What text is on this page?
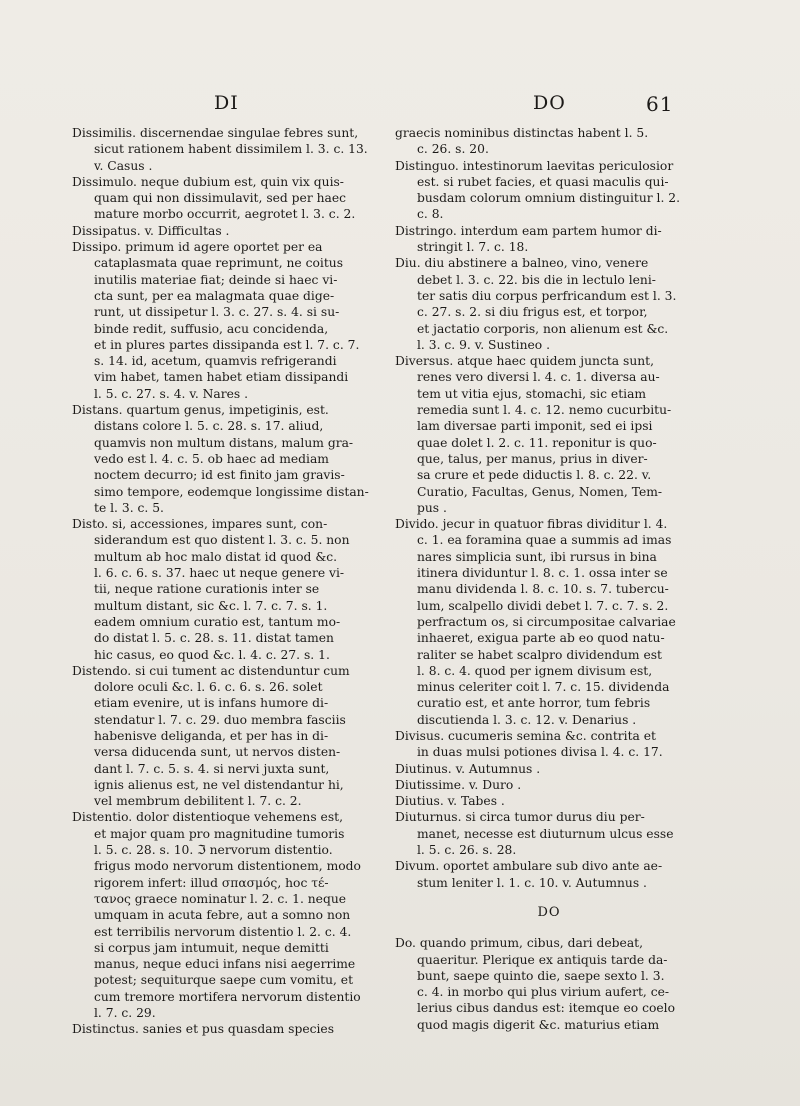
DI	DO	61

Dissimilis. discernendae singulae febres sunt,
sicut rationem habent dissimilem l. 3. c. 13.
v. Casus .

Dissimulo. neque dubium est, quin vix quis-
quam qui non dissimulavit, sed per haec
mature morbo occurrit, aegrotet l. 3. c. 2.

Dissipatus. v. Difficultas .

Dissipo. primum id agere oportet per ea
cataplasmata quae reprimunt, ne coitus
inutilis materiae fiat; deinde si haec vi-
cta sunt, per ea malagmata quae dige-
runt, ut dissipetur l. 3. c. 27. s. 4. si su-
binde redit, suffusio, acu concidenda,
et in plures partes dissipanda est l. 7. c. 7.
s. 14. id, acetum, quamvis refrigerandi
vim habet, tamen habet etiam dissipandi
l. 5. c. 27. s. 4. v. Nares .

Distans. quartum genus, impetiginis, est.
distans colore l. 5. c. 28. s. 17. aliud,
quamvis non multum distans, malum gra-
vedo est l. 4. c. 5. ob haec ad mediam
noctem decurro; id est finito jam gravis-
simo tempore, eodemque longissime distan-
te l. 3. c. 5.

Disto. si, accessiones, impares sunt, con-
siderandum est quo distent l. 3. c. 5. non
multum ab hoc malo distat id quod &c.
l. 6. c. 6. s. 37. haec ut neque genere vi-
tii, neque ratione curationis inter se
multum distant, sic &c. l. 7. c. 7. s. 1.
eadem omnium curatio est, tantum mo-
do distat l. 5. c. 28. s. 11. distat tamen
hic casus, eo quod &c. l. 4. c. 27. s. 1.

Distendo. si cui tument ac distenduntur cum
dolore oculi &c. l. 6. c. 6. s. 26. solet
etiam evenire, ut is infans humore di-
stendatur l. 7. c. 29. duo membra fasciis
habenisve deliganda, et per has in di-
versa diducenda sunt, ut nervos disten-
dant l. 7. c. 5. s. 4. si nervi juxta sunt,
ignis alienus est, ne vel distendantur hi,
vel membrum debilitent l. 7. c. 2.

Distentio. dolor distentioque vehemens est,
et major quam pro magnitudine tumoris
l. 5. c. 28. s. 10. ℑ nervorum distentio.
frigus modo nervorum distentionem, modo
rigorem infert: illud σπασμός, hoc τέ-
τανος graece nominatur l. 2. c. 1. neque
umquam in acuta febre, aut a somno non
est terribilis nervorum distentio l. 2. c. 4.
si corpus jam intumuit, neque demitti
manus, neque educi infans nisi aegerrime
potest; sequiturque saepe cum vomitu, et
cum tremore mortifera nervorum distentio
l. 7. c. 29.

Distinctus. sanies et pus quasdam species

graecis nominibus distinctas habent l. 5.
c. 26. s. 20.

Distinguo. intestinorum laevitas periculosior
est. si rubet facies, et quasi maculis qui-
busdam colorum omnium distinguitur l. 2.
c. 8.

Distringo. interdum eam partem humor di-
stringit l. 7. c. 18.

Diu. diu abstinere a balneo, vino, venere
debet l. 3. c. 22. bis die in lectulo leni-
ter satis diu corpus perfricandum est l. 3.
c. 27. s. 2. si diu frigus est, et torpor,
et jactatio corporis, non alienum est &c.
l. 3. c. 9. v. Sustineo .

Diversus. atque haec quidem juncta sunt,
renes vero diversi l. 4. c. 1. diversa au-
tem ut vitia ejus, stomachi, sic etiam
remedia sunt l. 4. c. 12. nemo cucurbitu-
lam diversae parti imponit, sed ei ipsi
quae dolet l. 2. c. 11. reponitur is quo-
que, talus, per manus, prius in diver-
sa crure et pede diductis l. 8. c. 22. v.
Curatio, Facultas, Genus, Nomen, Tem-
pus .

Divido. jecur in quatuor fibras dividitur l. 4.
c. 1. ea foramina quae a summis ad imas
nares simplicia sunt, ibi rursus in bina
itinera dividuntur l. 8. c. 1. ossa inter se
manu dividenda l. 8. c. 10. s. 7. tubercu-
lum, scalpello dividi debet l. 7. c. 7. s. 2.
perfractum os, si circumpositae calvariae
inhaeret, exigua parte ab eo quod natu-
raliter se habet scalpro dividendum est
l. 8. c. 4. quod per ignem divisum est,
minus celeriter coit l. 7. c. 15. dividenda
curatio est, et ante horror, tum febris
discutienda l. 3. c. 12. v. Denarius .

Divisus. cucumeris semina &c. contrita et
in duas mulsi potiones divisa l. 4. c. 17.

Diutinus. v. Autumnus .

Diutissime. v. Duro .

Diutius. v. Tabes .

Diuturnus. si circa tumor durus diu per-
manet, necesse est diuturnum ulcus esse
l. 5. c. 26. s. 28.

Divum. oportet ambulare sub divo ante ae-
stum leniter l. 1. c. 10. v. Autumnus .

DO

Do. quando primum, cibus, dari debeat,
quaeritur. Plerique ex antiquis tarde da-
bunt, saepe quinto die, saepe sexto l. 3.
c. 4. in morbo qui plus virium aufert, ce-
lerius cibus dandus est: itemque eo coelo
quod magis digerit &c. maturius etiam
